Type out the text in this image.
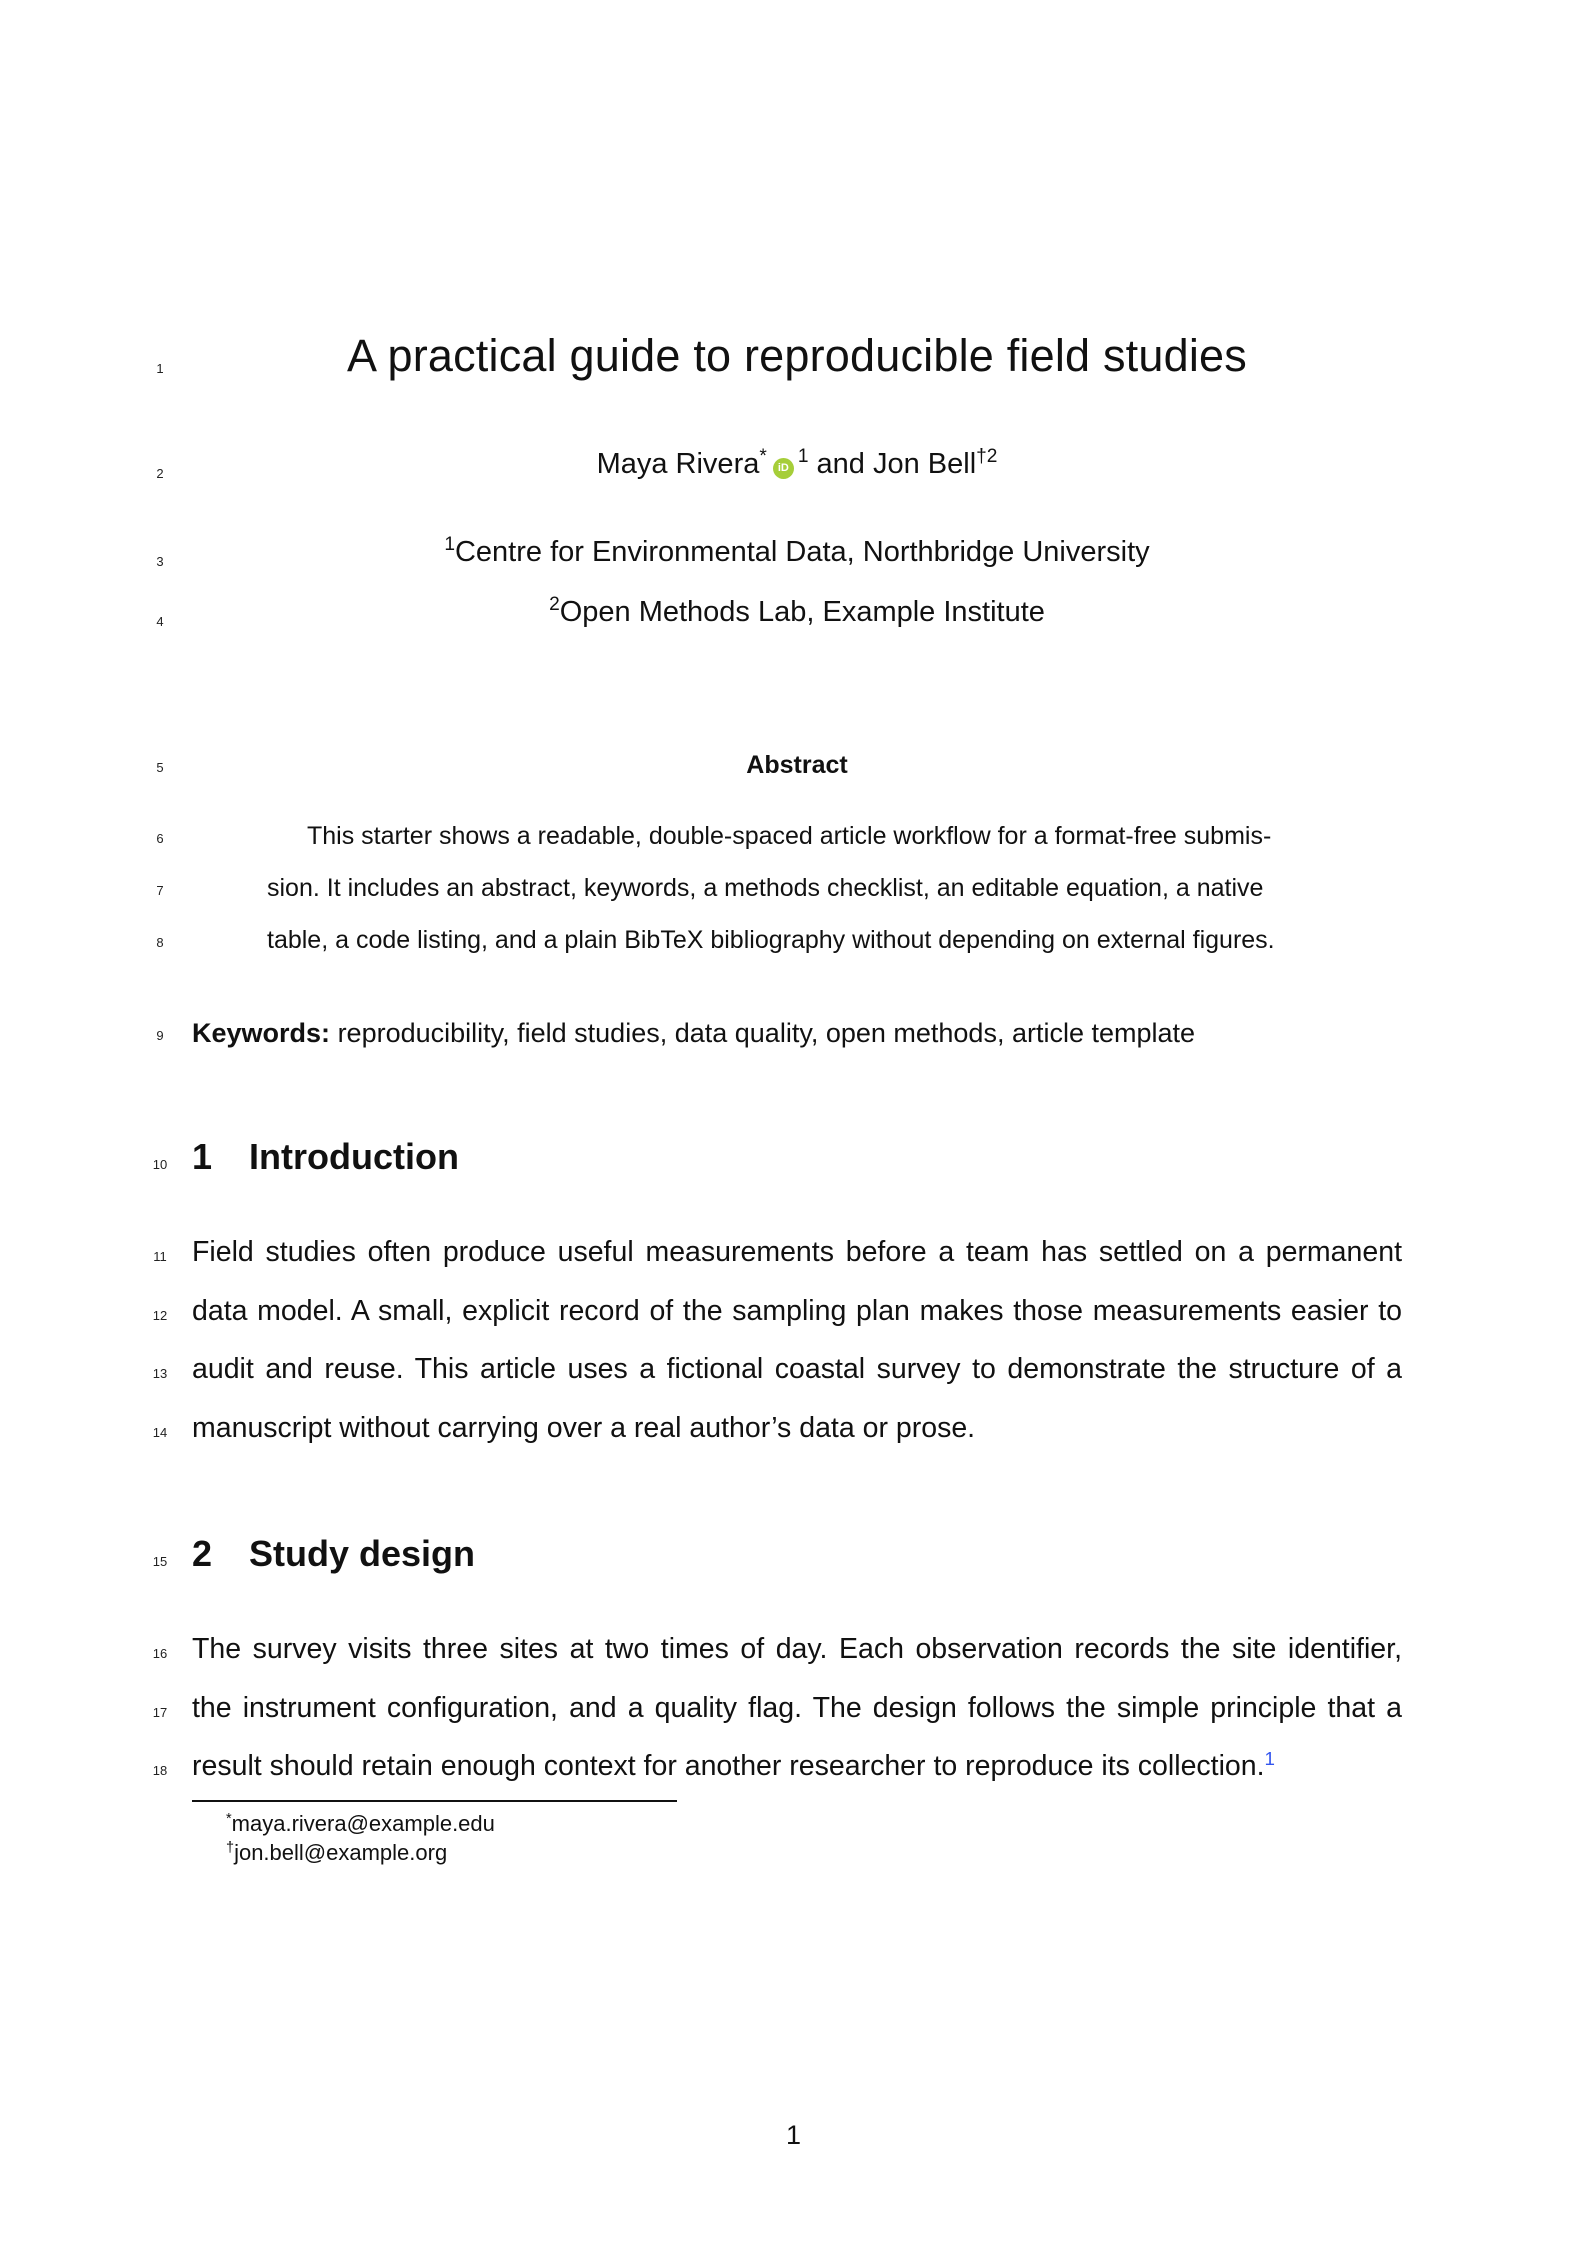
1
2
3
4
5
6
7
8
9
10
11
12
13
14
15
16
17
18
A practical guide to reproducible field studies
Maya $Rivera^*iD^1$ and Jon Bell$^{\dagger 2}$
$^1$Centre for Environmental Data, Northbridge University
$^2$Open Methods Lab, Example Institute
Abstract
This starter shows a readable, double-spaced article workflow for a format-free submis-
sion. It includes an abstract, keywords, a methods checklist, an editable equation, a native
table, a code listing, and a plain BibTeX bibliography without depending on external figures.
Keywords: reproducibility, field studies, data quality, open methods, article template
1 Introduction
Field studies often produce useful measurements before a team has settled on a permanent
data model. A small, explicit record of the sampling plan makes those measurements easier to
audit and reuse. This article uses a fictional coastal survey to demonstrate the structure of a
manuscript without carrying over a real author’s data or prose.
2 Study design
The survey visits three sites at two times of day. Each observation records the site identifier,
the instrument configuration, and a quality flag. The design follows the simple principle that a
result should retain enough context for another researcher to reproduce its collection.$^1$
*maya.rivera@example.edu
†jon.bell@example.org
1
